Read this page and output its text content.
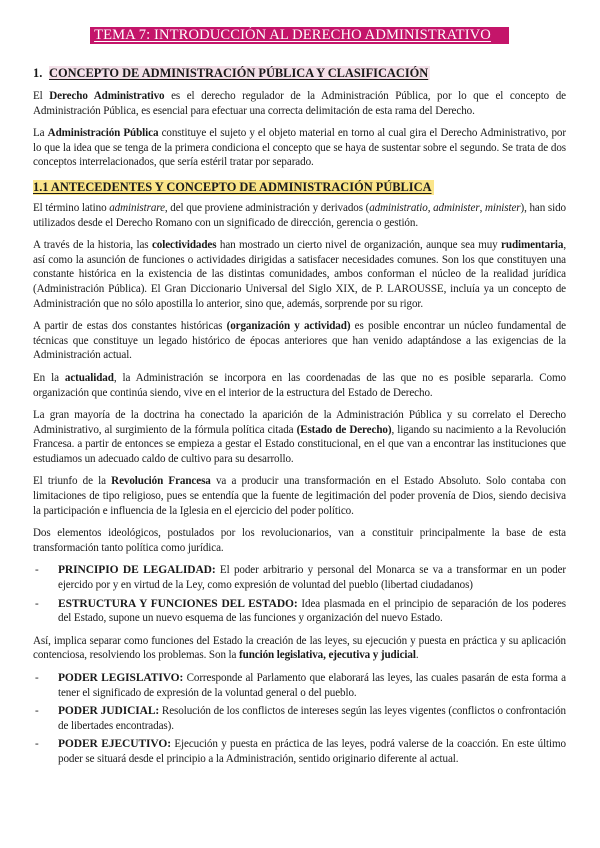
TEMA 7: INTRODUCCIÓN AL DERECHO ADMINISTRATIVO
1. CONCEPTO DE ADMINISTRACIÓN PÚBLICA Y CLASIFICACIÓN

El Derecho Administrativo es el derecho regulador de la Administración Pública, por lo que el concepto de Administración Pública, es esencial para efectuar una correcta delimitación de esta rama del Derecho.

La Administración Pública constituye el sujeto y el objeto material en torno al cual gira el Derecho Administrativo, por lo que la idea que se tenga de la primera condiciona el concepto que se haya de sustentar sobre el segundo. Se trata de dos conceptos interrelacionados, que sería estéril tratar por separado.

1.1 ANTECEDENTES Y CONCEPTO DE ADMINISTRACIÓN PÚBLICA

El término latino administrare, del que proviene administración y derivados (administratio, administer, minister), han sido utilizados desde el Derecho Romano con un significado de dirección, gerencia o gestión.

A través de la historia, las colectividades han mostrado un cierto nivel de organización, aunque sea muy rudimentaria, así como la asunción de funciones o actividades dirigidas a satisfacer necesidades comunes. Son los que constituyen una constante histórica en la existencia de las distintas comunidades, ambos conforman el núcleo de la realidad jurídica (Administración Pública). El Gran Diccionario Universal del Siglo XIX, de P. LAROUSSE, incluía ya un concepto de Administración que no sólo apostilla lo anterior, sino que, además, sorprende por su rigor.

A partir de estas dos constantes históricas (organización y actividad) es posible encontrar un núcleo fundamental de técnicas que constituye un legado histórico de épocas anteriores que han venido adaptándose a las exigencias de la Administración actual.

En la actualidad, la Administración se incorpora en las coordenadas de las que no es posible separarla. Como organización que continúa siendo, vive en el interior de la estructura del Estado de Derecho.

La gran mayoría de la doctrina ha conectado la aparición de la Administración Pública y su correlato el Derecho Administrativo, al surgimiento de la fórmula política citada (Estado de Derecho), ligando su nacimiento a la Revolución Francesa. a partir de entonces se empieza a gestar el Estado constitucional, en el que van a encontrar las instituciones que estudiamos un adecuado caldo de cultivo para su desarrollo.

El triunfo de la Revolución Francesa va a producir una transformación en el Estado Absoluto. Solo contaba con limitaciones de tipo religioso, pues se entendía que la fuente de legitimación del poder provenía de Dios, siendo decisiva la participación e influencia de la Iglesia en el ejercicio del poder político.

Dos elementos ideológicos, postulados por los revolucionarios, van a constituir principalmente la base de esta transformación tanto política como jurídica.

- PRINCIPIO DE LEGALIDAD: El poder arbitrario y personal del Monarca se va a transformar en un poder ejercido por y en virtud de la Ley, como expresión de voluntad del pueblo (libertad ciudadanos)
- ESTRUCTURA Y FUNCIONES DEL ESTADO: Idea plasmada en el principio de separación de los poderes del Estado, supone un nuevo esquema de las funciones y organización del nuevo Estado.

Así, implica separar como funciones del Estado la creación de las leyes, su ejecución y puesta en práctica y su aplicación contenciosa, resolviendo los problemas. Son la función legislativa, ejecutiva y judicial.

- PODER LEGISLATIVO: Corresponde al Parlamento que elaborará las leyes, las cuales pasarán de esta forma a tener el significado de expresión de la voluntad general o del pueblo.
- PODER JUDICIAL: Resolución de los conflictos de intereses según las leyes vigentes (conflictos o confrontación de libertades encontradas).
- PODER EJECUTIVO: Ejecución y puesta en práctica de las leyes, podrá valerse de la coacción. En este último poder se situará desde el principio a la Administración, sentido originario diferente al actual.
